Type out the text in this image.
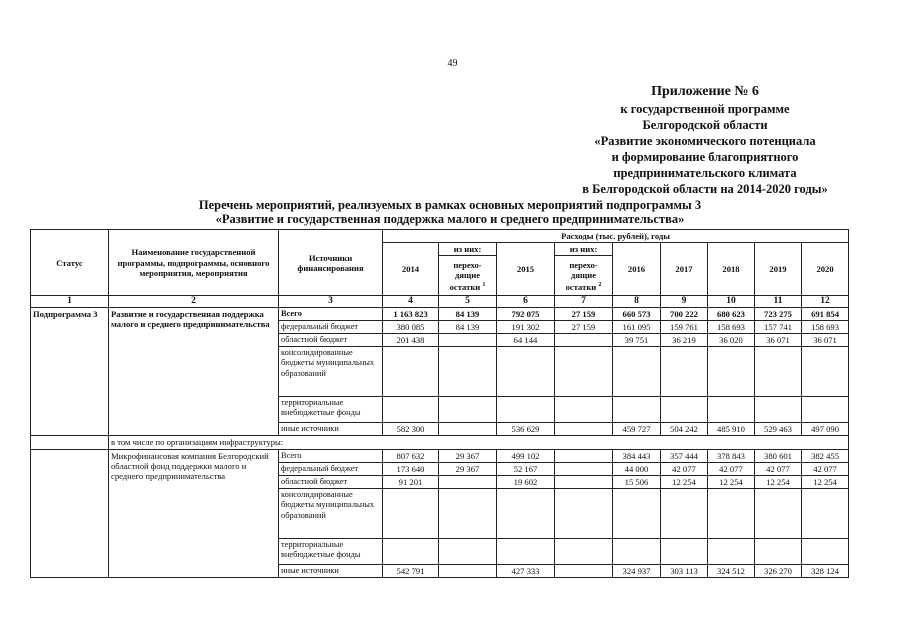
49
Приложение № 6
к государственной программе
Белгородской области
«Развитие экономического потенциала
и формирование благоприятного
предпринимательского климата
в Белгородской области на 2014-2020 годы»
Перечень мероприятий, реализуемых в рамках основных мероприятий подпрограммы 3
«Развитие и государственная поддержка малого и среднего предпринимательства»
Статус	Наименование государственной программы, подпрограммы, основного мероприятия, мероприятия	Источники финансирования	Расходы (тыс. рублей), годы								
			2014	из них:	2015	из них:	2016	2017	2018	2019	2020
				перехо-дящие остатки $^1$		перехо-дящие остатки $^2$
1	2	3	4	5	6	7	8	9	10	11	12
Подпрограмма 3	Развитие и государственная поддержка малого и среднего предпринимательства	Всего	1 163 823	84 139	792 075	27 159	660 573	700 222	680 623	723 275	691 854
		федеральный бюджет	380 085	84 139	191 302	27 159	161 095	159 761	158 693	157 741	158 693
		областной бюджет	201 438		64 144		39 751	36 219	36 020	36 071	36 071
		консолидированные бюджеты муниципальных образований									
		территориальные внебюджетные фонды									
		иные источники	582 300		536 629		459 727	504 242	485 910	529 463	497 090
	в том числе по организациям инфраструктуры:										
	Микрофинансовая компания Белгородский областной фонд поддержки малого и среднего предпринимательства	Всего	807 632	29 367	499 102		384 443	357 444	378 843	380 601	382 455
		федеральный бюджет	173 640	29 367	52 167		44 000	42 077	42 077	42 077	42 077
		областной бюджет	91 201		19 602		15 506	12 254	12 254	12 254	12 254
		консолидированные бюджеты муниципальных образований									
		территориальные внебюджетные фонды									
		иные источники	542 791		427 333		324 937	303 113	324 512	326 270	328 124
